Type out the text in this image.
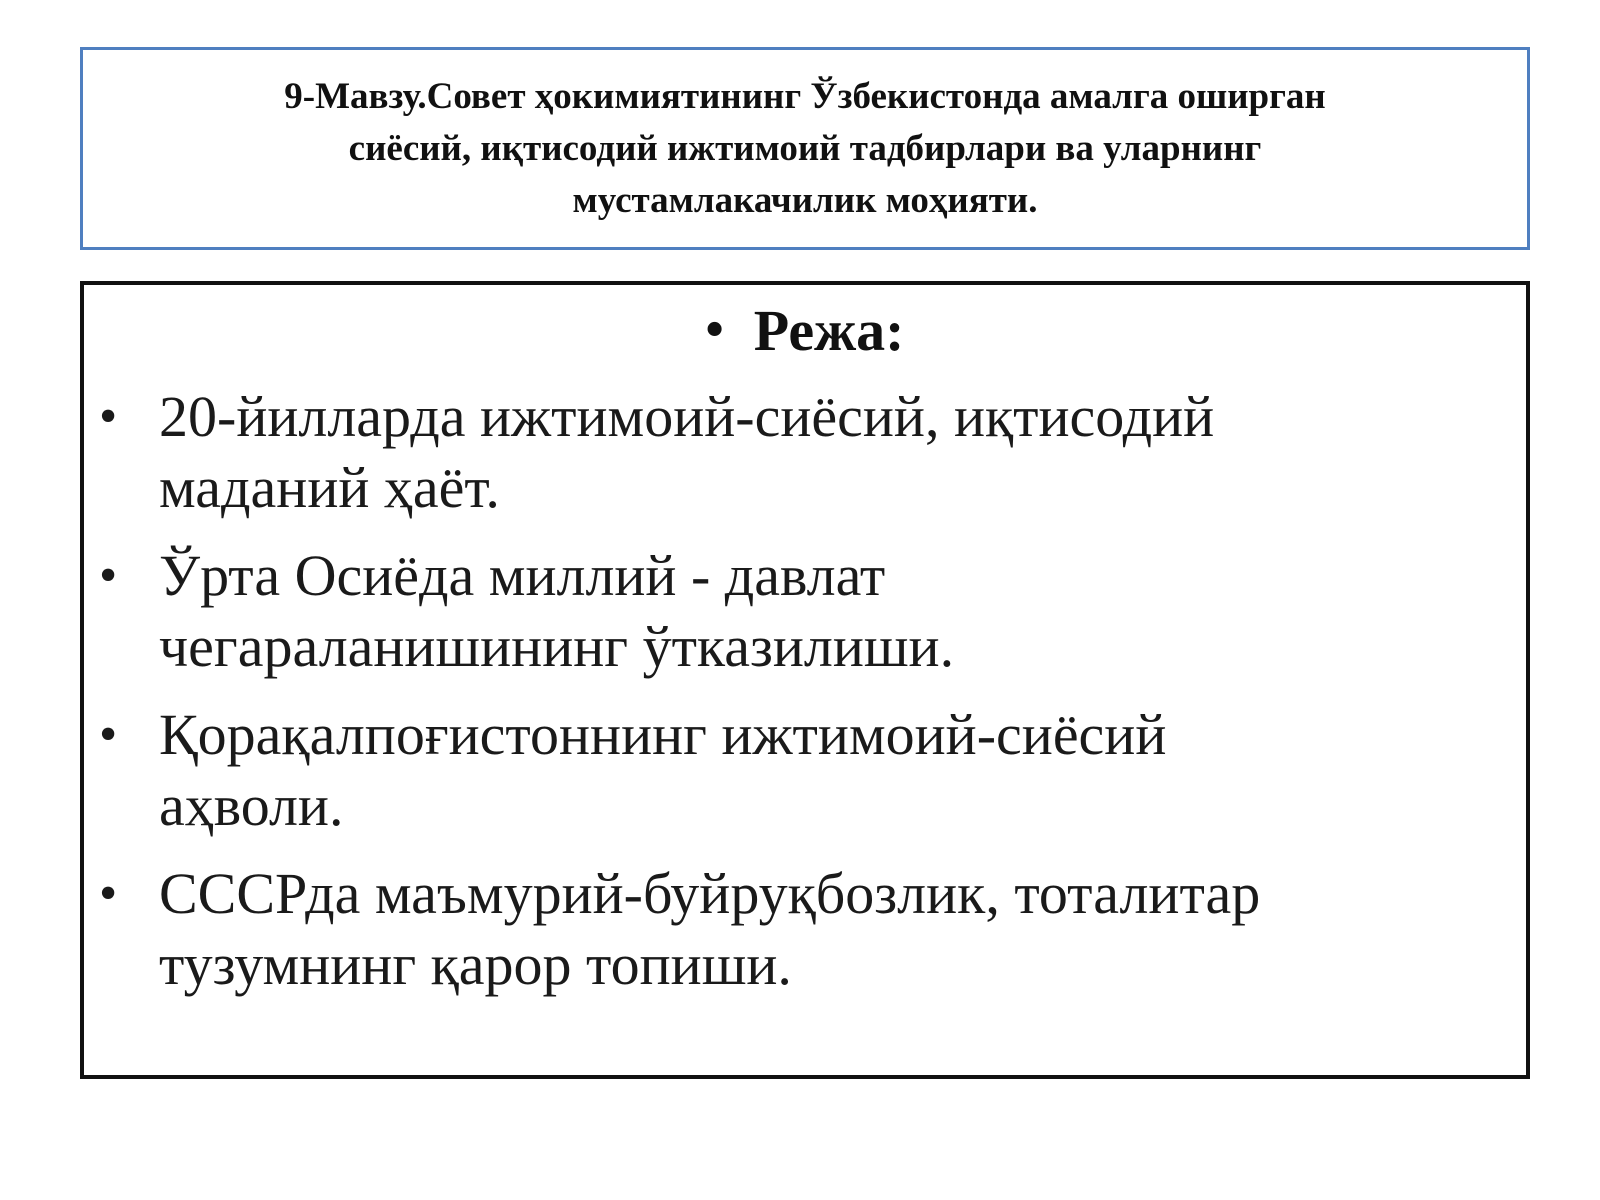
9-Мавзу.Совет ҳокимиятининг Ўзбекистонда амалга оширган
сиёсий, иқтисодий ижтимоий тадбирлари ва уларнинг
мустамлакачилик моҳияти.
• Режа:
• 20-йилларда ижтимоий-сиёсий, иқтисодий
маданий ҳаёт.
• Ўрта Осиёда миллий - давлат
чегараланишининг ўтказилиши.
• Қорақалпоғистоннинг ижтимоий-сиёсий
аҳволи.
• СССРда маъмурий-буйруқбозлик, тоталитар
тузумнинг қарор топиши.
